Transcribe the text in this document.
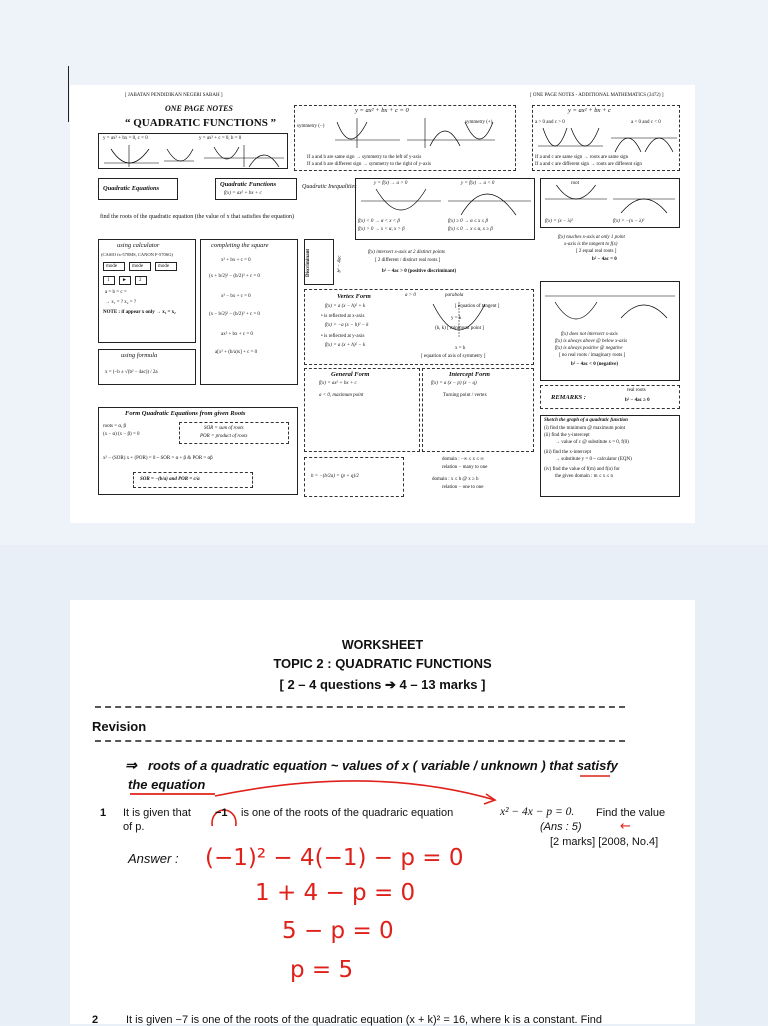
[ JABATAN PENDIDIKAN NEGERI SABAH ]	[ ONE PAGE NOTES - ADDITIONAL MATHEMATICS (3472) ]
ONE PAGE NOTES
“ QUADRATIC FUNCTIONS ”
y = ax² + bx = 0, c = 0	y = ax² + c = 0, b = 0
y = ax² + bx + c = 0
symmetry (−)
symmetry (+)
If a and b are same sign → symmetry to the left of y-axis
If a and b are different sign → symmetry to the right of y-axis
y = ax² + bx + c
a > 0 and c > 0	a < 0 and c < 0
If a and c are same sign → roots are same sign
If a and c are different sign → roots are different sign
Quadratic Equations
Quadratic Functions
f(x) = ax² + bx + c
Quadratic Inequalities
find the roots of the quadratic equation (the value of x that satisfies the equation)
y = f(x) → a > 0	y = f(x) → a < 0
f(x) < 0 → α < x < β	f(x) ≥ 0 → α ≤ x ≤ β
f(x) > 0 → x < α, x > β	f(x) ≤ 0 → x ≤ α, x ≥ β
root
f(x) = (x − λ)²	f(x) = −(x − λ)²
f(x) touches x-axis at only 1 point
x-axis is the tangent to f(x)
[ 2 equal real roots ]
b² − 4ac = 0
using calculator
(CASIO fx-570MS, CANON F-570SG)
mode	mode	mode
1	► 2
a = b = c =
→ x₁ = ? x₂ = ?
NOTE : if appear x only → x₁ = x₂
using formula
x = (−b ± √(b² − 4ac)) / 2a
completing the square
x² + bx + c = 0
(x + b/2)² − (b/2)² + c = 0
x² − bx + c = 0
(x − b/2)² − (b/2)² + c = 0
ax² + bx + c = 0
a[x² + (b/a)x] + c = 0
Discriminant	b² − 4ac
f(x) intersect x-axis at 2 distinct points
[ 2 different / distinct real roots ]
b² − 4ac > 0 (positive discriminant)
Vertex Form	a > 0	parabola
f(x) = a (x − h)² + k
• is reflected at x-axis
f(x) = −a (x − h)² − k
• is reflected at y-axis
f(x) = a (x + h)² − k
y = k
[ equation of tangent ]
(h, k) [ minimum point ]
x = h
[ equation of axis of symmetry ]
f(x) does not intersect x-axis
f(x) is always above @ below x-axis
f(x) is always positive @ negative
[ no real roots / imaginary roots ]
b² − 4ac < 0 (negative)
General Form
f(x) = ax² + bx + c
a < 0, maximum point
Intercept Form
f(x) = a (x − p) (x − q)
Turning point / vertex	REMARKS :
real roots
b² − 4ac ≥ 0
Form Quadratic Equations from given Roots
roots = α, β
(x − α) (x − β) = 0
SOR = sum of roots
POR = product of roots
x² − (SOR) x + (POR) = 0 ~ SOR = α + β & POR = αβ
SOR = −(b/a) and POR = c/a
h = −(b/2a) = (p + q)/2
domain : −∞ ≤ x ≤ ∞
relation − many to one
domain : x ≤ h @ x ≥ h
relation − one to one
Sketch the graph of a quadratic function
(i) find the minimum @ maximum point
(ii) find the y-intercept
→ value of c @ substitute x = 0, f(0)
(iii) find the x-intercept
→ substitute y = 0 ~ calculator (EQN)
(iv) find the value of f(m) and f(n) for
the given domain : m ≤ x ≤ n
WORKSHEET
TOPIC 2 : QUADRATIC FUNCTIONS
[ 2 – 4 questions ➔ 4 – 13 marks ]
Revision
⇒ roots of a quadratic equation ~ values of x ( variable / unknown ) that satisfy
the equation
1 It is given that −1 is one of the roots of the quadraric equation	x² − 4x − p = 0. Find the value
of p.	(Ans : 5)	←
[2 marks] [2008, No.4]
Answer : (−1)² − 4(−1) − p = 0
1 + 4 − p = 0
5 − p = 0
p = 5
2	It is given −7 is one of the roots of the quadratic equation (x + k)² = 16, where k is a constant. Find
